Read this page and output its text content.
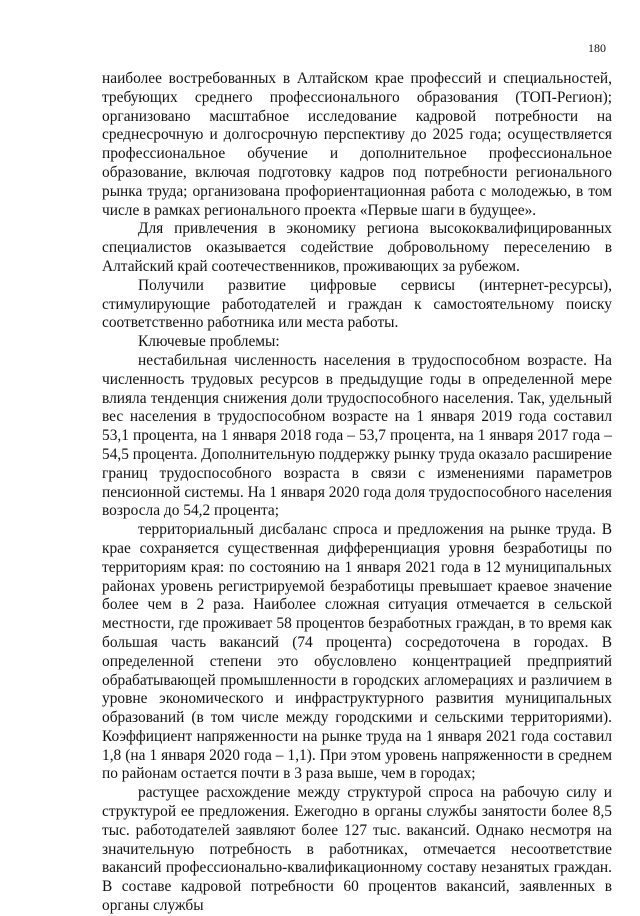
180

наиболее востребованных в Алтайском крае профессий и специальностей, требующих среднего профессионального образования (ТОП-Регион); организовано масштабное исследование кадровой потребности на среднесрочную и долгосрочную перспективу до 2025 года; осуществляется профессиональное обучение и дополнительное профессиональное образование, включая подготовку кадров под потребности регионального рынка труда; организована профориентационная работа с молодежью, в том числе в рамках регионального проекта «Первые шаги в будущее».

Для привлечения в экономику региона высококвалифицированных специалистов оказывается содействие добровольному переселению в Алтайский край соотечественников, проживающих за рубежом.

Получили развитие цифровые сервисы (интернет-ресурсы), стимулирующие работодателей и граждан к самостоятельному поиску соответственно работника или места работы.

Ключевые проблемы:

нестабильная численность населения в трудоспособном возрасте. На численность трудовых ресурсов в предыдущие годы в определенной мере влияла тенденция снижения доли трудоспособного населения. Так, удельный вес населения в трудоспособном возрасте на 1 января 2019 года составил 53,1 процента, на 1 января 2018 года – 53,7 процента, на 1 января 2017 года – 54,5 процента. Дополнительную поддержку рынку труда оказало расширение границ трудоспособного возраста в связи с изменениями параметров пенсионной системы. На 1 января 2020 года доля трудоспособного населения возросла до 54,2 процента;

территориальный дисбаланс спроса и предложения на рынке труда. В крае сохраняется существенная дифференциация уровня безработицы по территориям края: по состоянию на 1 января 2021 года в 12 муниципальных районах уровень регистрируемой безработицы превышает краевое значение более чем в 2 раза. Наиболее сложная ситуация отмечается в сельской местности, где проживает 58 процентов безработных граждан, в то время как большая часть вакансий (74 процента) сосредоточена в городах. В определенной степени это обусловлено концентрацией предприятий обрабатывающей промышленности в городских агломерациях и различием в уровне экономического и инфраструктурного развития муниципальных образований (в том числе между городскими и сельскими территориями). Коэффициент напряженности на рынке труда на 1 января 2021 года составил 1,8 (на 1 января 2020 года – 1,1). При этом уровень напряженности в среднем по районам остается почти в 3 раза выше, чем в городах;

растущее расхождение между структурой спроса на рабочую силу и структурой ее предложения. Ежегодно в органы службы занятости более 8,5 тыс. работодателей заявляют более 127 тыс. вакансий. Однако несмотря на значительную потребность в работниках, отмечается несоответствие вакансий профессионально-квалификационному составу незанятых граждан. В составе кадровой потребности 60 процентов вакансий, заявленных в органы службы
